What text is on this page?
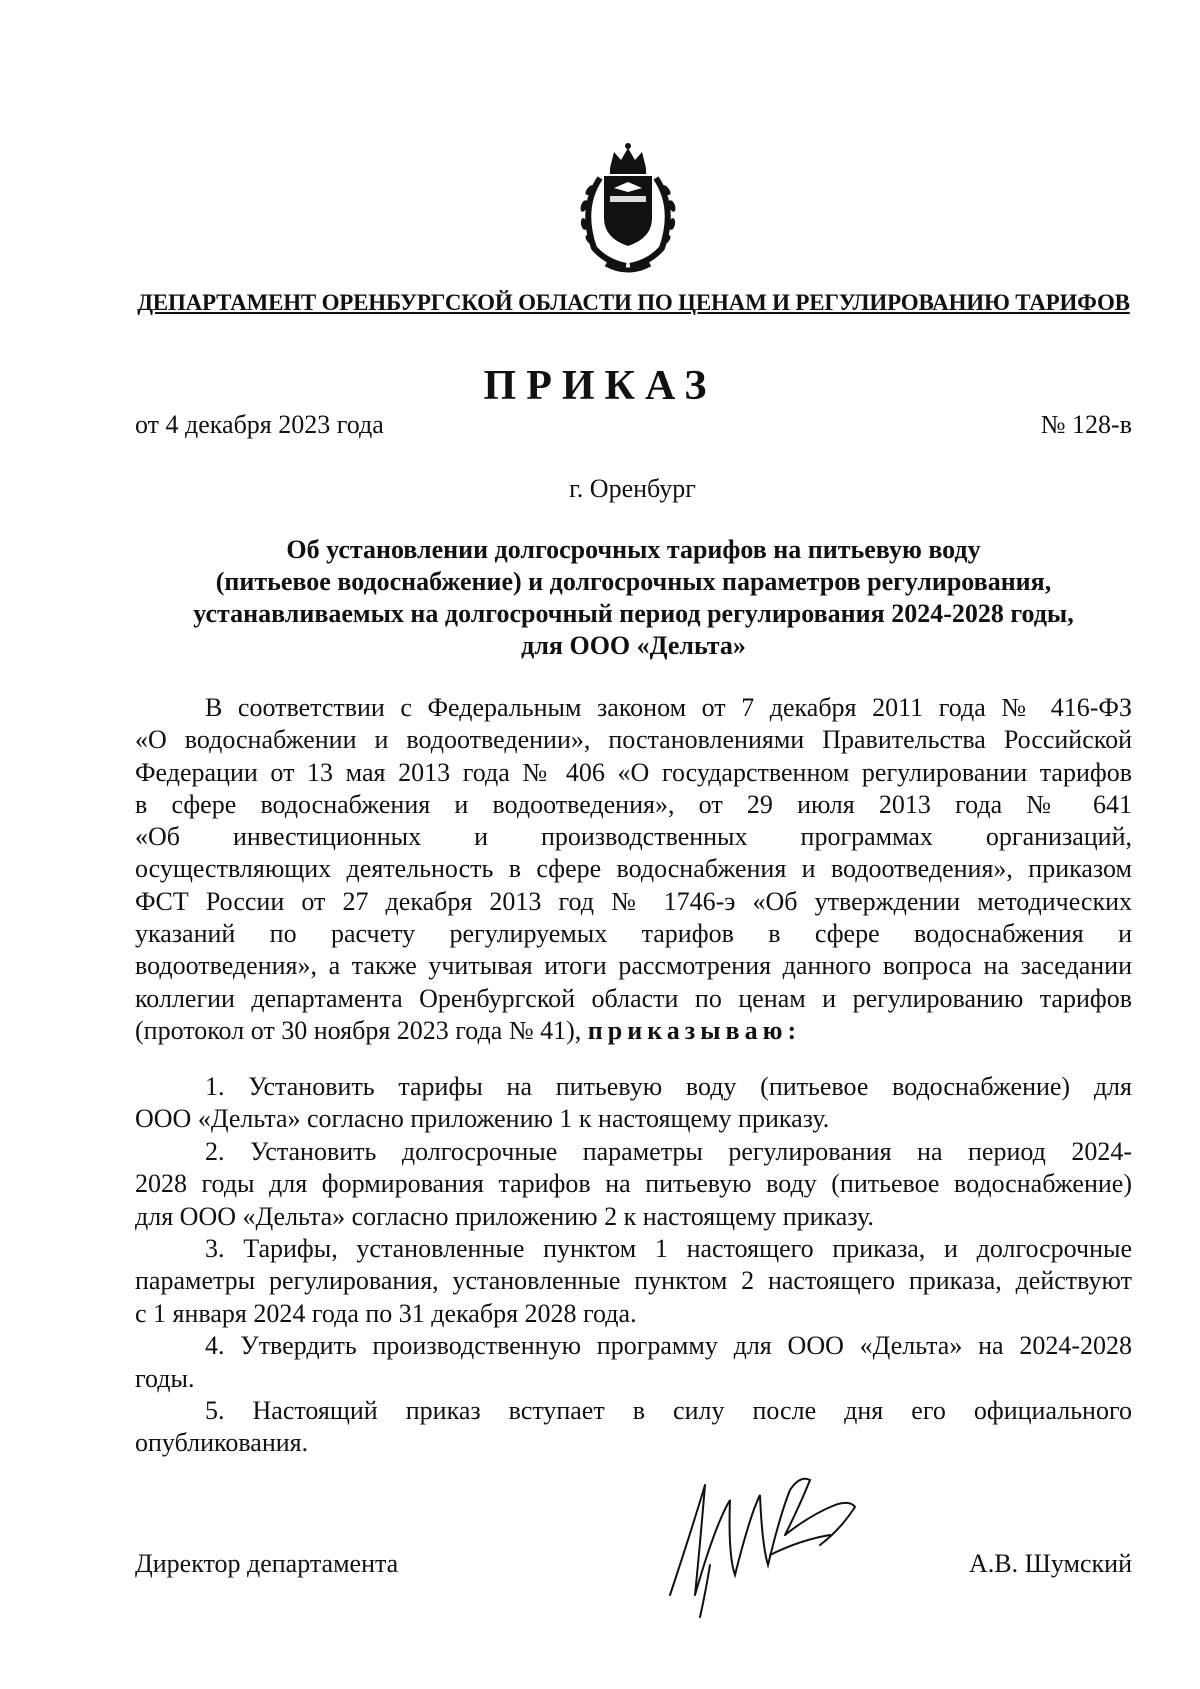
ДЕПАРТАМЕНТ ОРЕНБУРГСКОЙ ОБЛАСТИ ПО ЦЕНАМ И РЕГУЛИРОВАНИЮ ТАРИФОВ
ПРИКАЗ
от 4 декабря 2023 года	№ 128-в
г. Оренбург
Об установлении долгосрочных тарифов на питьевую воду
(питьевое водоснабжение) и долгосрочных параметров регулирования,
устанавливаемых на долгосрочный период регулирования 2024-2028 годы,
для ООО «Дельта»
В соответствии с Федеральным законом от 7 декабря 2011 года № 416-ФЗ
«О водоснабжении и водоотведении», постановлениями Правительства Российской
Федерации от 13 мая 2013 года № 406 «О государственном регулировании тарифов
в сфере водоснабжения и водоотведения», от 29 июля 2013 года № 641
«Об инвестиционных и производственных программах организаций,
осуществляющих деятельность в сфере водоснабжения и водоотведения», приказом
ФСТ России от 27 декабря 2013 год № 1746-э «Об утверждении методических
указаний по расчету регулируемых тарифов в сфере водоснабжения и
водоотведения», а также учитывая итоги рассмотрения данного вопроса на заседании
коллегии департамента Оренбургской области по ценам и регулированию тарифов
(протокол от 30 ноября 2023 года № 41), приказываю:
1. Установить тарифы на питьевую воду (питьевое водоснабжение) для
ООО «Дельта» согласно приложению 1 к настоящему приказу.
2. Установить долгосрочные параметры регулирования на период 2024-
2028 годы для формирования тарифов на питьевую воду (питьевое водоснабжение)
для ООО «Дельта» согласно приложению 2 к настоящему приказу.
3. Тарифы, установленные пунктом 1 настоящего приказа, и долгосрочные
параметры регулирования, установленные пунктом 2 настоящего приказа, действуют
с 1 января 2024 года по 31 декабря 2028 года.
4. Утвердить производственную программу для ООО «Дельта» на 2024-2028
годы.
5. Настоящий приказ вступает в силу после дня его официального
опубликования.
Директор департамента	А.В. Шумский
